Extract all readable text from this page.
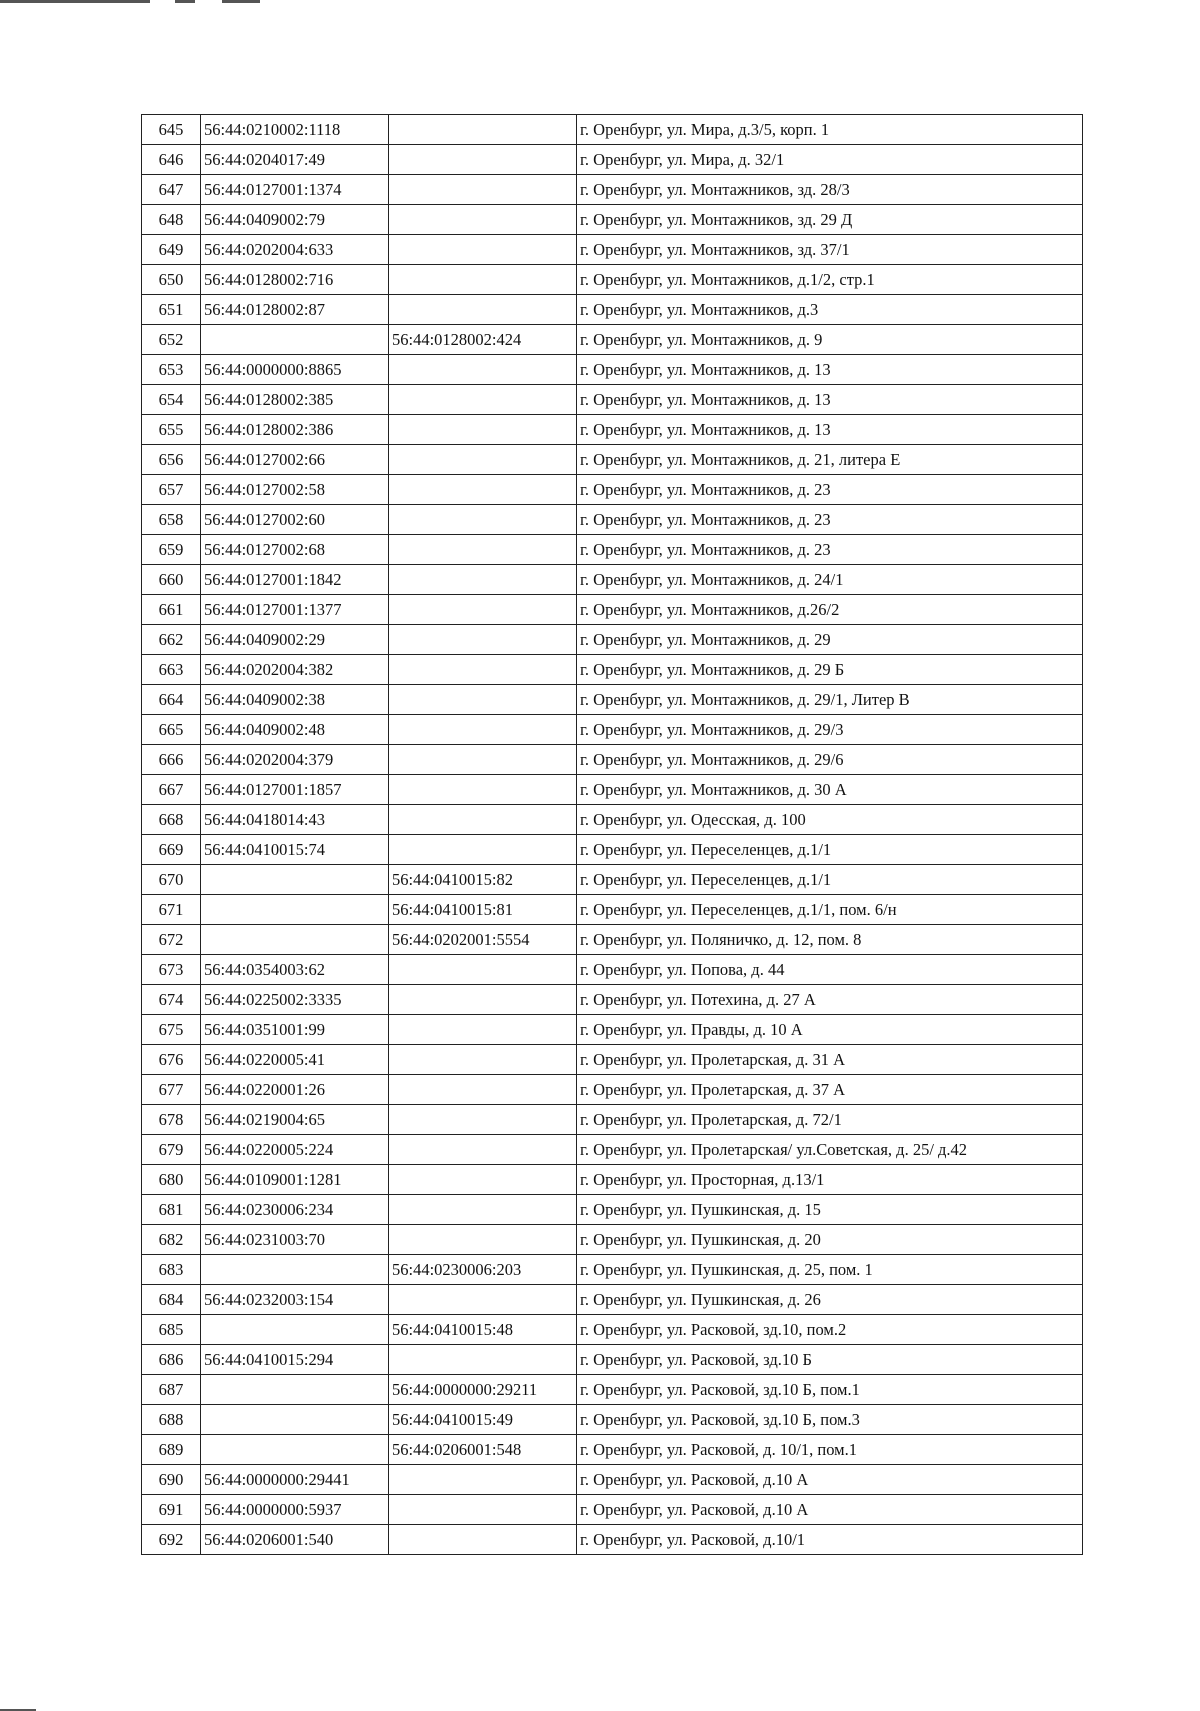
645	56:44:0210002:1118		г. Оренбург, ул. Мира, д.3/5, корп. 1
646	56:44:0204017:49		г. Оренбург, ул. Мира, д. 32/1
647	56:44:0127001:1374		г. Оренбург, ул. Монтажников, зд. 28/3
648	56:44:0409002:79		г. Оренбург, ул. Монтажников, зд. 29 Д
649	56:44:0202004:633		г. Оренбург, ул. Монтажников, зд. 37/1
650	56:44:0128002:716		г. Оренбург, ул. Монтажников, д.1/2, стр.1
651	56:44:0128002:87		г. Оренбург, ул. Монтажников, д.3
652		56:44:0128002:424	г. Оренбург, ул. Монтажников, д. 9
653	56:44:0000000:8865		г. Оренбург, ул. Монтажников, д. 13
654	56:44:0128002:385		г. Оренбург, ул. Монтажников, д. 13
655	56:44:0128002:386		г. Оренбург, ул. Монтажников, д. 13
656	56:44:0127002:66		г. Оренбург, ул. Монтажников, д. 21, литера Е
657	56:44:0127002:58		г. Оренбург, ул. Монтажников, д. 23
658	56:44:0127002:60		г. Оренбург, ул. Монтажников, д. 23
659	56:44:0127002:68		г. Оренбург, ул. Монтажников, д. 23
660	56:44:0127001:1842		г. Оренбург, ул. Монтажников, д. 24/1
661	56:44:0127001:1377		г. Оренбург, ул. Монтажников, д.26/2
662	56:44:0409002:29		г. Оренбург, ул. Монтажников, д. 29
663	56:44:0202004:382		г. Оренбург, ул. Монтажников, д. 29 Б
664	56:44:0409002:38		г. Оренбург, ул. Монтажников, д. 29/1, Литер В
665	56:44:0409002:48		г. Оренбург, ул. Монтажников, д. 29/3
666	56:44:0202004:379		г. Оренбург, ул. Монтажников, д. 29/6
667	56:44:0127001:1857		г. Оренбург, ул. Монтажников, д. 30 А
668	56:44:0418014:43		г. Оренбург, ул. Одесская, д. 100
669	56:44:0410015:74		г. Оренбург, ул. Переселенцев, д.1/1
670		56:44:0410015:82	г. Оренбург, ул. Переселенцев, д.1/1
671		56:44:0410015:81	г. Оренбург, ул. Переселенцев, д.1/1, пом. 6/н
672		56:44:0202001:5554	г. Оренбург, ул. Поляничко, д. 12, пом. 8
673	56:44:0354003:62		г. Оренбург, ул. Попова, д. 44
674	56:44:0225002:3335		г. Оренбург, ул. Потехина, д. 27 А
675	56:44:0351001:99		г. Оренбург, ул. Правды, д. 10 А
676	56:44:0220005:41		г. Оренбург, ул. Пролетарская, д. 31 А
677	56:44:0220001:26		г. Оренбург, ул. Пролетарская, д. 37 А
678	56:44:0219004:65		г. Оренбург, ул. Пролетарская, д. 72/1
679	56:44:0220005:224		г. Оренбург, ул. Пролетарская/ ул.Советская, д. 25/ д.42
680	56:44:0109001:1281		г. Оренбург, ул. Просторная, д.13/1
681	56:44:0230006:234		г. Оренбург, ул. Пушкинская, д. 15
682	56:44:0231003:70		г. Оренбург, ул. Пушкинская, д. 20
683		56:44:0230006:203	г. Оренбург, ул. Пушкинская, д. 25, пом. 1
684	56:44:0232003:154		г. Оренбург, ул. Пушкинская, д. 26
685		56:44:0410015:48	г. Оренбург, ул. Расковой, зд.10, пом.2
686	56:44:0410015:294		г. Оренбург, ул. Расковой, зд.10 Б
687		56:44:0000000:29211	г. Оренбург, ул. Расковой, зд.10 Б, пом.1
688		56:44:0410015:49	г. Оренбург, ул. Расковой, зд.10 Б, пом.3
689		56:44:0206001:548	г. Оренбург, ул. Расковой, д. 10/1, пом.1
690	56:44:0000000:29441		г. Оренбург, ул. Расковой, д.10 А
691	56:44:0000000:5937		г. Оренбург, ул. Расковой, д.10 А
692	56:44:0206001:540		г. Оренбург, ул. Расковой, д.10/1
